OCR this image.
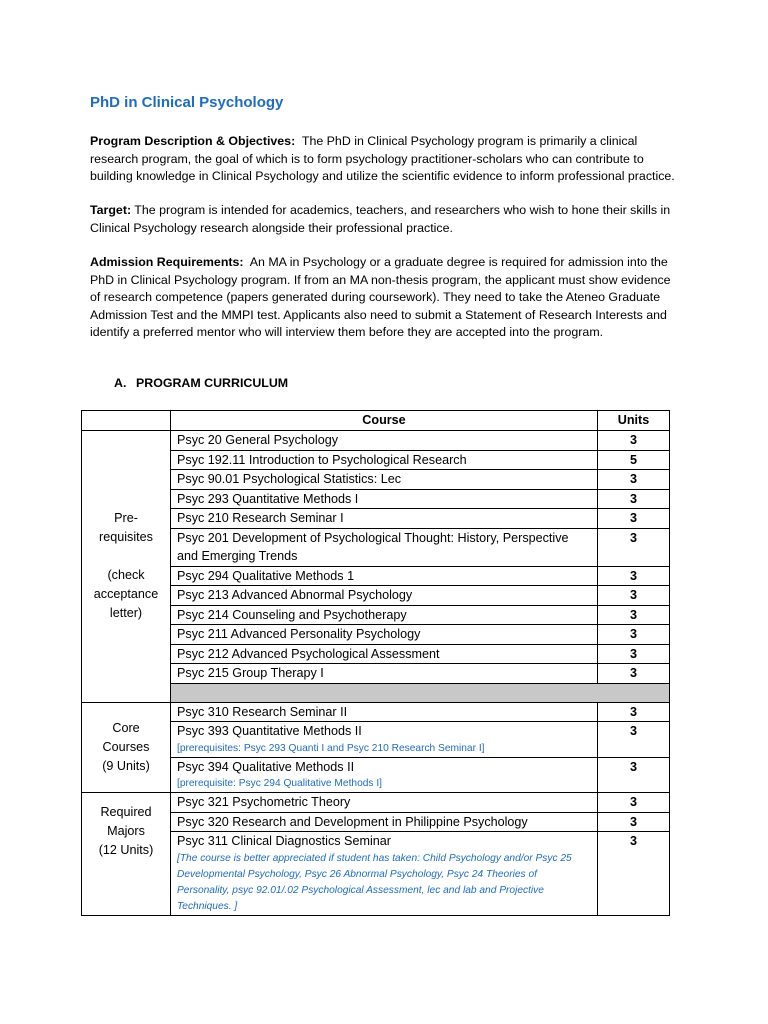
PhD in Clinical Psychology
Program Description & Objectives: The PhD in Clinical Psychology program is primarily a clinical research program, the goal of which is to form psychology practitioner-scholars who can contribute to building knowledge in Clinical Psychology and utilize the scientific evidence to inform professional practice.
Target: The program is intended for academics, teachers, and researchers who wish to hone their skills in Clinical Psychology research alongside their professional practice.
Admission Requirements: An MA in Psychology or a graduate degree is required for admission into the PhD in Clinical Psychology program. If from an MA non-thesis program, the applicant must show evidence of research competence (papers generated during coursework). They need to take the Ateneo Graduate Admission Test and the MMPI test. Applicants also need to submit a Statement of Research Interests and identify a preferred mentor who will interview them before they are accepted into the program.
A. PROGRAM CURRICULUM
	Course	Units

Pre-
requisites
(check
acceptance
letter)	Psyc 20 General Psychology	3
	Psyc 192.11 Introduction to Psychological Research	5
	Psyc 90.01 Psychological Statistics: Lec	3
	Psyc 293 Quantitative Methods I	3
	Psyc 210 Research Seminar I	3
	Psyc 201 Development of Psychological Thought: History, Perspective and Emerging Trends	3
	Psyc 294 Qualitative Methods 1	3
	Psyc 213 Advanced Abnormal Psychology	3
	Psyc 214 Counseling and Psychotherapy	3
	Psyc 211 Advanced Personality Psychology	3
	Psyc 212 Advanced Psychological Assessment	3
	Psyc 215 Group Therapy I	3

Core
Courses
(9 Units)	Psyc 310 Research Seminar II	3
	Psyc 393 Quantitative Methods II
[prerequisites: Psyc 293 Quanti I and Psyc 210 Research Seminar I]	3
	Psyc 394 Qualitative Methods II
[prerequisite: Psyc 294 Qualitative Methods I]	3

Required
Majors
(12 Units)	Psyc 321 Psychometric Theory	3
	Psyc 320 Research and Development in Philippine Psychology	3
	Psyc 311 Clinical Diagnostics Seminar
[The course is better appreciated if student has taken: Child Psychology and/or Psyc 25 Developmental Psychology, Psyc 26 Abnormal Psychology, Psyc 24 Theories of Personality, psyc 92.01/.02 Psychological Assessment, lec and lab and Projective Techniques. ]	3
